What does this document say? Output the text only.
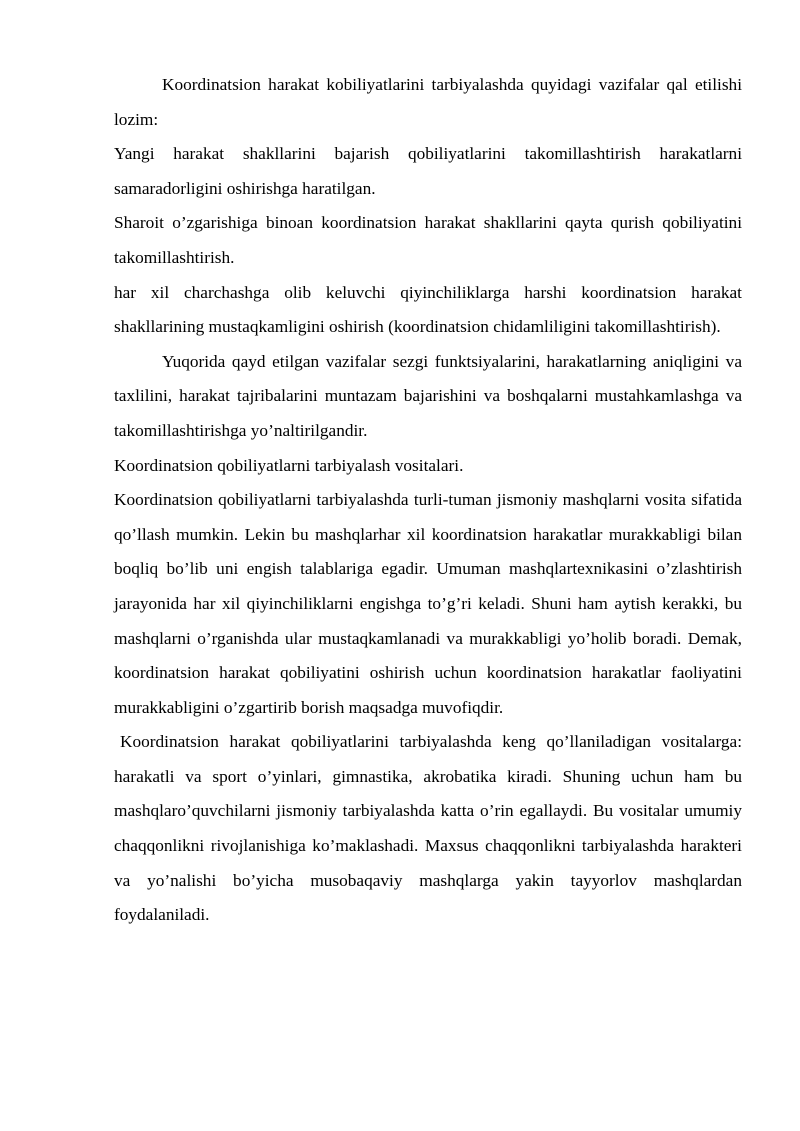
Koordinatsion harakat kobiliyatlarini tarbiyalashda quyidagi vazifalar qal etilishi lozim:

Yangi harakat shakllarini bajarish qobiliyatlarini takomillashtirish harakatlarni samaradorligini oshirishga haratilgan.

Sharoit o’zgarishiga binoan koordinatsion harakat shakllarini qayta qurish qobiliyatini takomillashtirish.

har xil charchashga olib keluvchi qiyinchiliklarga harshi koordinatsion harakat shakllarining mustaqkamligini oshirish (koordinatsion chidamliligini takomillashtirish).

Yuqorida qayd etilgan vazifalar sezgi funktsiyalarini, harakatlarning aniqligini va taxlilini, harakat tajribalarini muntazam bajarishini va boshqalarni mustahkamlashga va takomillashtirishga yo’naltirilgandir.

Koordinatsion qobiliyatlarni tarbiyalash vositalari.

Koordinatsion qobiliyatlarni tarbiyalashda turli-tuman jismoniy mashqlarni vosita sifatida qo’llash mumkin. Lekin bu mashqlarhar xil koordinatsion harakatlar murakkabligi bilan boqliq bo’lib uni engish talablariga egadir. Umuman mashqlartexnikasini o’zlashtirish jarayonida har xil qiyinchiliklarni engishga to’g’ri keladi. Shuni ham aytish kerakki, bu mashqlarni o’rganishda ular mustaqkamlanadi va murakkabligi yo’holib boradi. Demak, koordinatsion harakat qobiliyatini oshirish uchun koordinatsion harakatlar faoliyatini murakkabligini o’zgartirib borish maqsadga muvofiqdir.

Koordinatsion harakat qobiliyatlarini tarbiyalashda keng qo’llaniladigan vositalarga: harakatli va sport o’yinlari, gimnastika, akrobatika kiradi. Shuning uchun ham bu mashqlaro’quvchilarni jismoniy tarbiyalashda katta o’rin egallaydi. Bu vositalar umumiy chaqqonlikni rivojlanishiga ko’maklashadi. Maxsus chaqqonlikni tarbiyalashda harakteri va yo’nalishi bo’yicha musobaqaviy mashqlarga yakin tayyorlov mashqlardan foydalaniladi.
